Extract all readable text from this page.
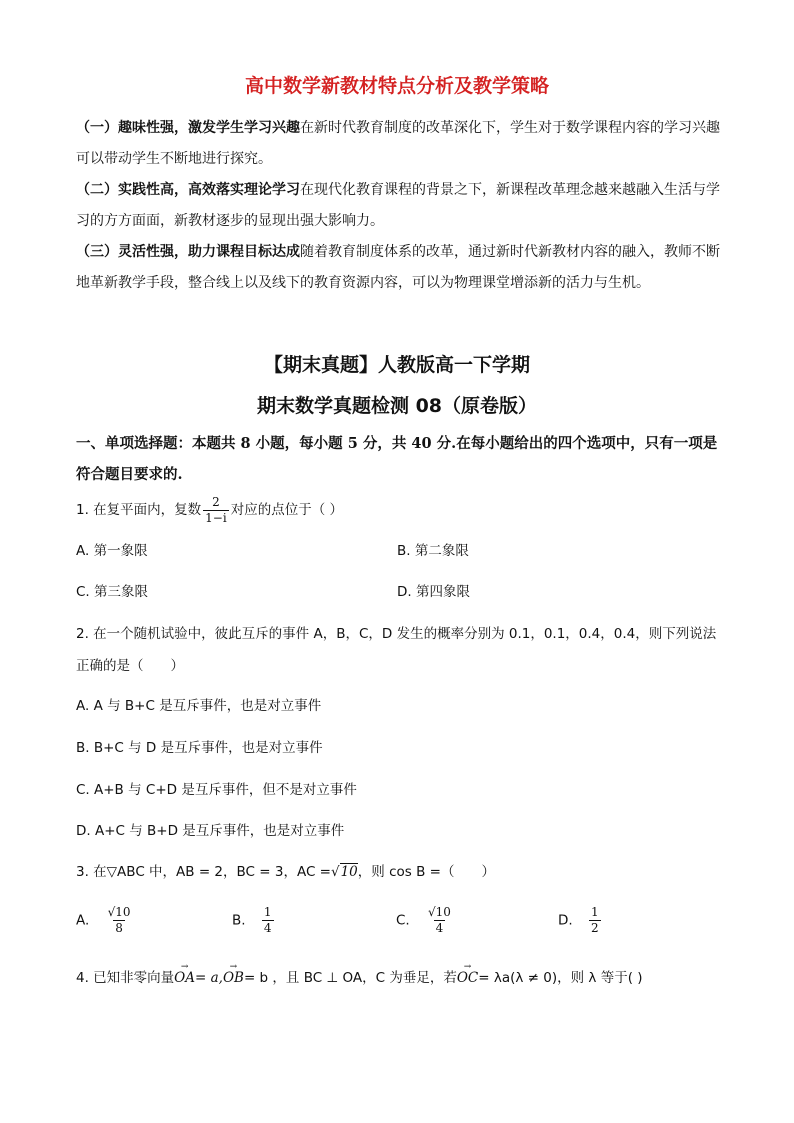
高中数学新教材特点分析及教学策略

（一）趣味性强，激发学生学习兴趣在新时代教育制度的改革深化下，学生对于数学课程内容的学习兴趣可以带动学生不断地进行探究。

（二）实践性高，高效落实理论学习在现代化教育课程的背景之下，新课程改革理念越来越融入生活与学习的方方面面，新教材逐步的显现出强大影响力。

（三）灵活性强，助力课程目标达成随着教育制度体系的改革，通过新时代新教材内容的融入，教师不断地革新教学手段，整合线上以及线下的教育资源内容，可以为物理课堂增添新的活力与生机。

【期末真题】人教版高一下学期
期末数学真题检测 08（原卷版）
一、单项选择题：本题共 8 小题，每小题 5 分，共 40 分.在每小题给出的四个选项中，只有一项是符合题目要求的.
1. 在复平面内，复数 $\frac{2}{1-i}$ 对应的点位于（ ）
A. 第一象限	B. 第二象限
C. 第三象限	D. 第四象限
2. 在一个随机试验中，彼此互斥的事件 A，B，C，D 发生的概率分别为 0.1，0.1，0.4，0.4，则下列说法正确的是（　　）
A. A 与 B+C 是互斥事件，也是对立事件
B. B+C 与 D 是互斥事件，也是对立事件
C. A+B 与 C+D 是互斥事件，但不是对立事件
D. A+C 与 B+D 是互斥事件，也是对立事件
3. 在▽ABC 中，AB = 2，BC = 3，AC =√10，则 cos B =（　　）
A. $\frac{√10}{8}$	B. $\frac{1}{4}$	C. $\frac{√10}{4}$	D. $\frac{1}{2}$
4. 已知非零向量→ OA= a,→ OB= b ，且 BC ⊥ OA，C 为垂足，若→ OC= λa(λ ≠ 0)，则 λ 等于( )
